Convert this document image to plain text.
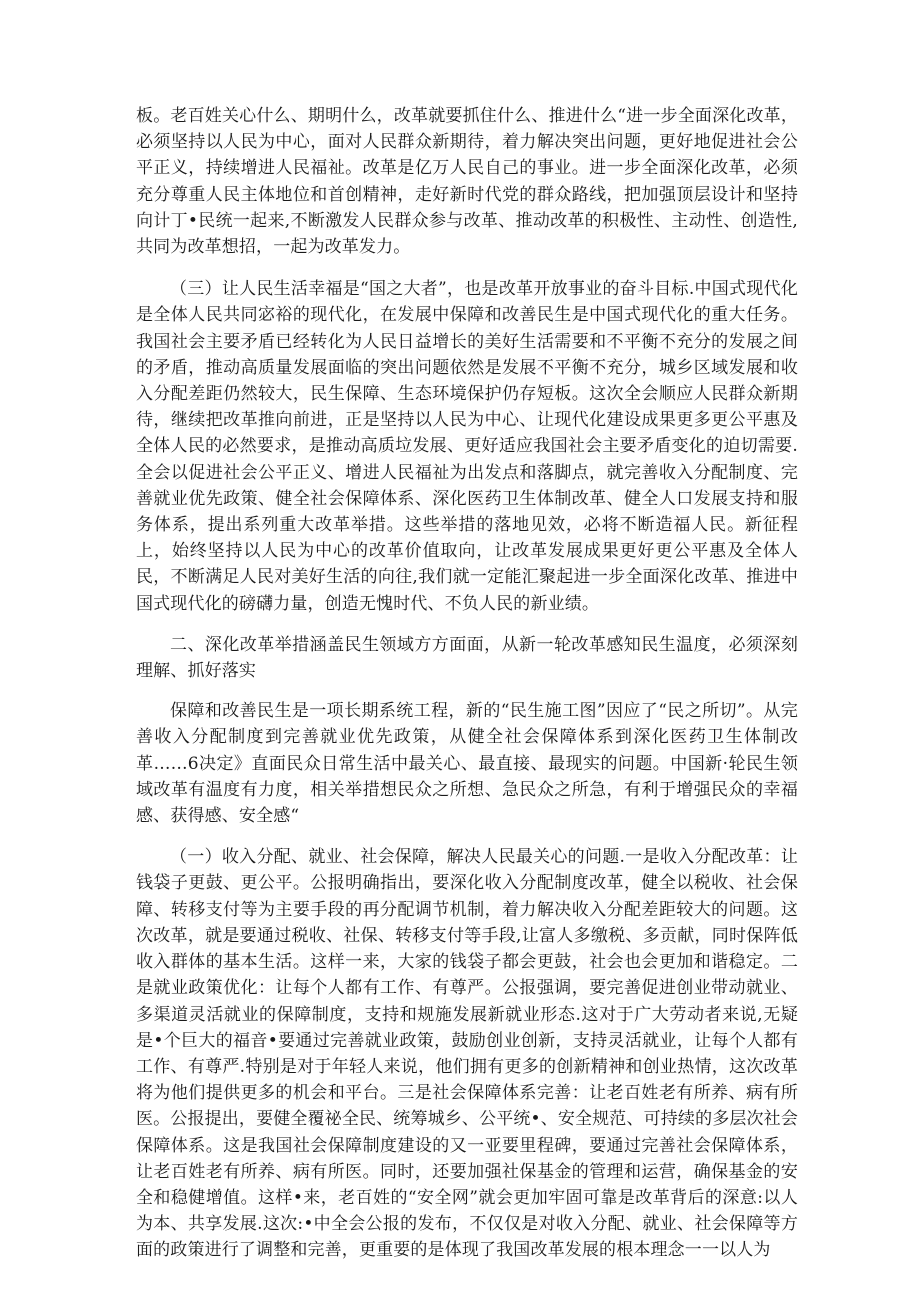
板。老百姓关心什么、期明什么，改革就要抓住什么、推进什么“进一步全面深化改革，必须坚持以人民为中心，面对人民群众新期待，着力解决突出问题，更好地促进社会公平正义，持续增进人民福祉。改革是亿万人民自己的事业。进一步全面深化改革，必须充分尊重人民主体地位和首创精神，走好新时代党的群众路线，把加强顶层设计和坚持向计丁•民统一起来,不断激发人民群众参与改革、推动改革的积极性、主动性、创造性,共同为改革想招，一起为改革发力。

（三）让人民生活幸福是“国之大者”，也是改革开放事业的奋斗目标.中国式现代化是全体人民共同宓裕的现代化，在发展中保障和改善民生是中国式现代化的重大任务。我国社会主要矛盾已经转化为人民日益增长的美好生活需要和不平衡不充分的发展之间的矛盾，推动高质量发展面临的突出问题依然是发展不平衡不充分，城乡区域发展和收入分配差距仍然较大，民生保障、生态环境保护仍存短板。这次全会顺应人民群众新期待，继续把改革推向前进，正是坚持以人民为中心、让现代化建设成果更多更公平惠及全体人民的必然要求，是推动高质垃发展、更好适应我国社会主要矛盾变化的迫切需要.全会以促进社会公平正义、增进人民福祉为出发点和落脚点，就完善收入分配制度、完善就业优先政策、健全社会保障体系、深化医药卫生体制改革、健全人口发展支持和服务体系，提出系列重大改革举措。这些举措的落地见效，必将不断造福人民。新征程上，始终坚持以人民为中心的改革价值取向，让改革发展成果更好更公平惠及全体人民，不断满足人民对美好生活的向往,我们就一定能汇聚起进一步全面深化改革、推进中国式现代化的磅礴力量，创造无愧时代、不负人民的新业绩。

二、深化改革举措涵盖民生领域方方面面，从新一轮改革感知民生温度，必须深刻理解、抓好落实

保障和改善民生是一项长期系统工程，新的“民生施工图”因应了“民之所切”。从完善收入分配制度到完善就业优先政策，从健全社会保障体系到深化医药卫生体制改革……6决定》直面民众日常生活中最关心、最直接、最现实的问题。中国新·轮民生领域改革有温度有力度，相关举措想民众之所想、急民众之所急，有利于增强民众的幸福感、获得感、安全感“

（一）收入分配、就业、社会保障，解决人民最关心的问题.一是收入分配改革：让钱袋子更鼓、更公平。公报明确指出，要深化收入分配制度改革，健全以税收、社会保障、转移支付等为主要手段的再分配调节机制，着力解决收入分配差距较大的问题。这次改革，就是要通过税收、社保、转移支付等手段,让富人多缴税、多贡献，同时保阵低收入群体的基本生活。这样一来，大家的钱袋子都会更鼓，社会也会更加和谐稳定。二是就业政策优化：让每个人都有工作、有尊严。公报强调，要完善促进创业带动就业、多渠道灵活就业的保障制度，支持和规施发展新就业形态.这对于广大劳动者来说,无疑是•个巨大的福音•要通过完善就业政策，鼓励创业创新，支持灵活就业，让每个人都有工作、有尊严.特别是对于年轻人来说，他们拥有更多的创新精神和创业热情，这次改革将为他们提供更多的机会和平台。三是社会保障体系完善：让老百姓老有所养、病有所医。公报提出，要健全覆祕全民、统筹城乡、公平统•、安全规范、可持续的多层次社会保障体系。这是我国社会保障制度建设的又一亚要里程碑，要通过完善社会保障体系，让老百姓老有所养、病有所医。同时，还要加强社保基金的管理和运营，确保基金的安全和稳健增值。这样•来，老百姓的“安全网”就会更加牢固可靠是改革背后的深意:以人为本、共享发展.这次:•中全会公报的发布，不仅仅是对收入分配、就业、社会保障等方面的政策进行了调整和完善，更重要的是体现了我国改革发展的根本理念一一以人为
